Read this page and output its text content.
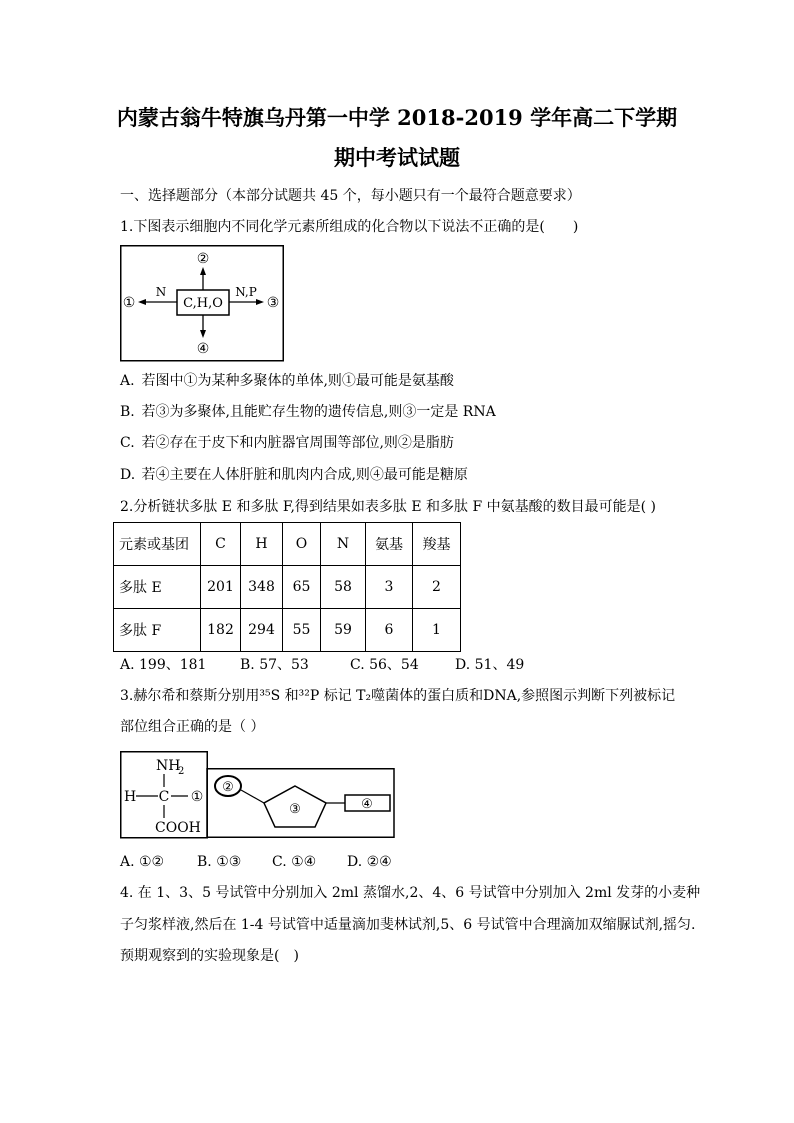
内蒙古翁牛特旗乌丹第一中学 2018-2019 学年高二下学期
期中考试试题
一、选择题部分（本部分试题共 45 个，每小题只有一个最符合题意要求）
1.下图表示细胞内不同化学元素所组成的化合物以下说法不正确的是(　　)
C,H,O
②
④
①
N
③
N,P
A. 若图中①为某种多聚体的单体,则①最可能是氨基酸
B. 若③为多聚体,且能贮存生物的遗传信息,则③一定是 RNA
C. 若②存在于皮下和内脏器官周围等部位,则②是脂肪
D. 若④主要在人体肝脏和肌肉内合成,则④最可能是糖原
2.分析链状多肽 E 和多肽 F,得到结果如表多肽 E 和多肽 F 中氨基酸的数目最可能是( )
元素或基团	C	H	O	N	氨基	羧基
多肽 E	201	348	65	58	3	2
多肽 F	182	294	55	59	6	1
A. 199、181 B. 57、53	C. 56、54	D. 51、49
3.赫尔希和蔡斯分别用³⁵S 和³²P 标记 T₂噬菌体的蛋白质和DNA,参照图示判断下列被标记
部位组合正确的是（ ）
NH
2
H C ①
COOH
②
③	④
A. ①② B. ①③ C. ①④ D. ②④
4. 在 1、3、5 号试管中分别加入 2ml 蒸馏水,2、4、6 号试管中分别加入 2ml 发芽的小麦种
子匀浆样液,然后在 1-4 号试管中适量滴加斐林试剂,5、6 号试管中合理滴加双缩脲试剂,摇匀.
预期观察到的实验现象是(　)
